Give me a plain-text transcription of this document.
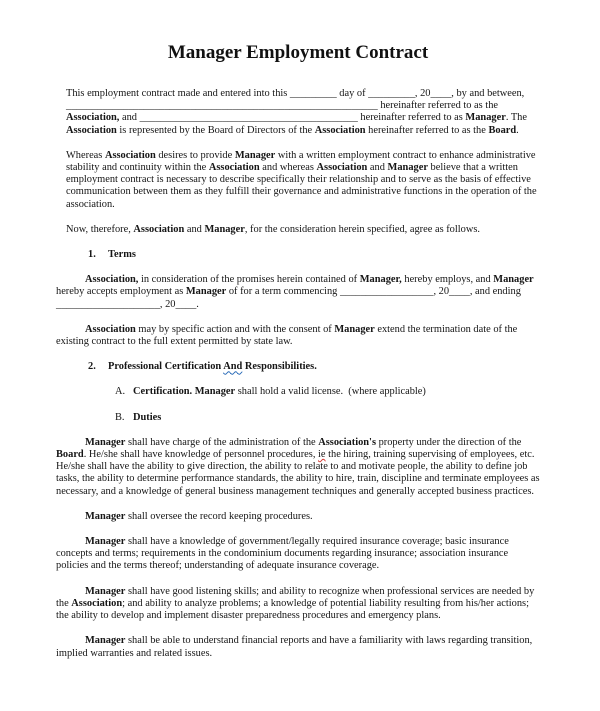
Manager Employment Contract

This employment contract made and entered into this _________ day of _________, 20____, by and between, ____________________________________________________________ hereinafter referred to as the Association, and __________________________________________ hereinafter referred to as Manager. The Association is represented by the Board of Directors of the Association hereinafter referred to as the Board.

Whereas Association desires to provide Manager with a written employment contract to enhance administrative stability and continuity within the Association and whereas Association and Manager believe that a written employment contract is necessary to describe specifically their relationship and to serve as the basis of effective communication between them as they fulfill their governance and administrative functions in the operation of the association.

Now, therefore, Association and Manager, for the consideration herein specified, agree as follows.

1. Terms

Association, in consideration of the promises herein contained of Manager, hereby employs, and Manager hereby accepts employment as Manager of for a term commencing __________________, 20____, and ending ____________________, 20____.

Association may by specific action and with the consent of Manager extend the termination date of the existing contract to the full extent permitted by state law.

2. Professional Certification And Responsibilities.

A. Certification. Manager shall hold a valid license.  (where applicable)

B. Duties

Manager shall have charge of the administration of the Association's property under the direction of the Board. He/she shall have knowledge of personnel procedures, ie the hiring, training supervising of employees, etc. He/she shall have the ability to give direction, the ability to relate to and motivate people, the ability to define job tasks, the ability to determine performance standards, the ability to hire, train, discipline and terminate employees as necessary, and a knowledge of general business management techniques and generally accepted business practices.

Manager shall oversee the record keeping procedures.

Manager shall have a knowledge of government/legally required insurance coverage; basic insurance concepts and terms; requirements in the condominium documents regarding insurance; association insurance policies and the terms thereof; understanding of adequate insurance coverage.

Manager shall have good listening skills; and ability to recognize when professional services are needed by the Association; and ability to analyze problems; a knowledge of potential liability resulting from his/her actions; the ability to develop and implement disaster preparedness procedures and emergency plans.

Manager shall be able to understand financial reports and have a familiarity with laws regarding transition, implied warranties and related issues.
